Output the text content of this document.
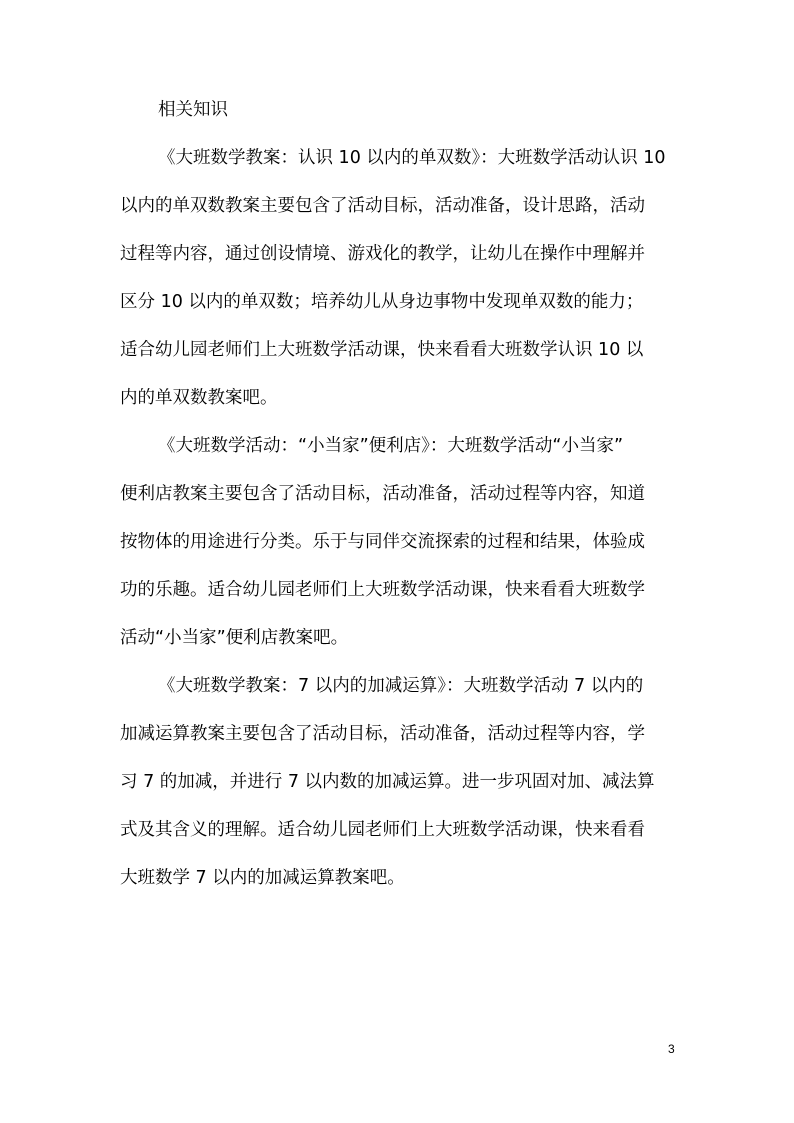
相关知识
《大班数学教案：认识 10 以内的单双数》：大班数学活动认识 10
以内的单双数教案主要包含了活动目标，活动准备，设计思路，活动
过程等内容，通过创设情境、游戏化的教学，让幼儿在操作中理解并
区分 10 以内的单双数；培养幼儿从身边事物中发现单双数的能力；
适合幼儿园老师们上大班数学活动课，快来看看大班数学认识 10 以
内的单双数教案吧。
《大班数学活动：“小当家”便利店》：大班数学活动“小当家”
便利店教案主要包含了活动目标，活动准备，活动过程等内容，知道
按物体的用途进行分类。乐于与同伴交流探索的过程和结果，体验成
功的乐趣。适合幼儿园老师们上大班数学活动课，快来看看大班数学
活动“小当家”便利店教案吧。
《大班数学教案：7 以内的加减运算》：大班数学活动 7 以内的
加减运算教案主要包含了活动目标，活动准备，活动过程等内容，学
习 7 的加减，并进行 7 以内数的加减运算。进一步巩固对加、减法算
式及其含义的理解。适合幼儿园老师们上大班数学活动课，快来看看
大班数学 7 以内的加减运算教案吧。
3
